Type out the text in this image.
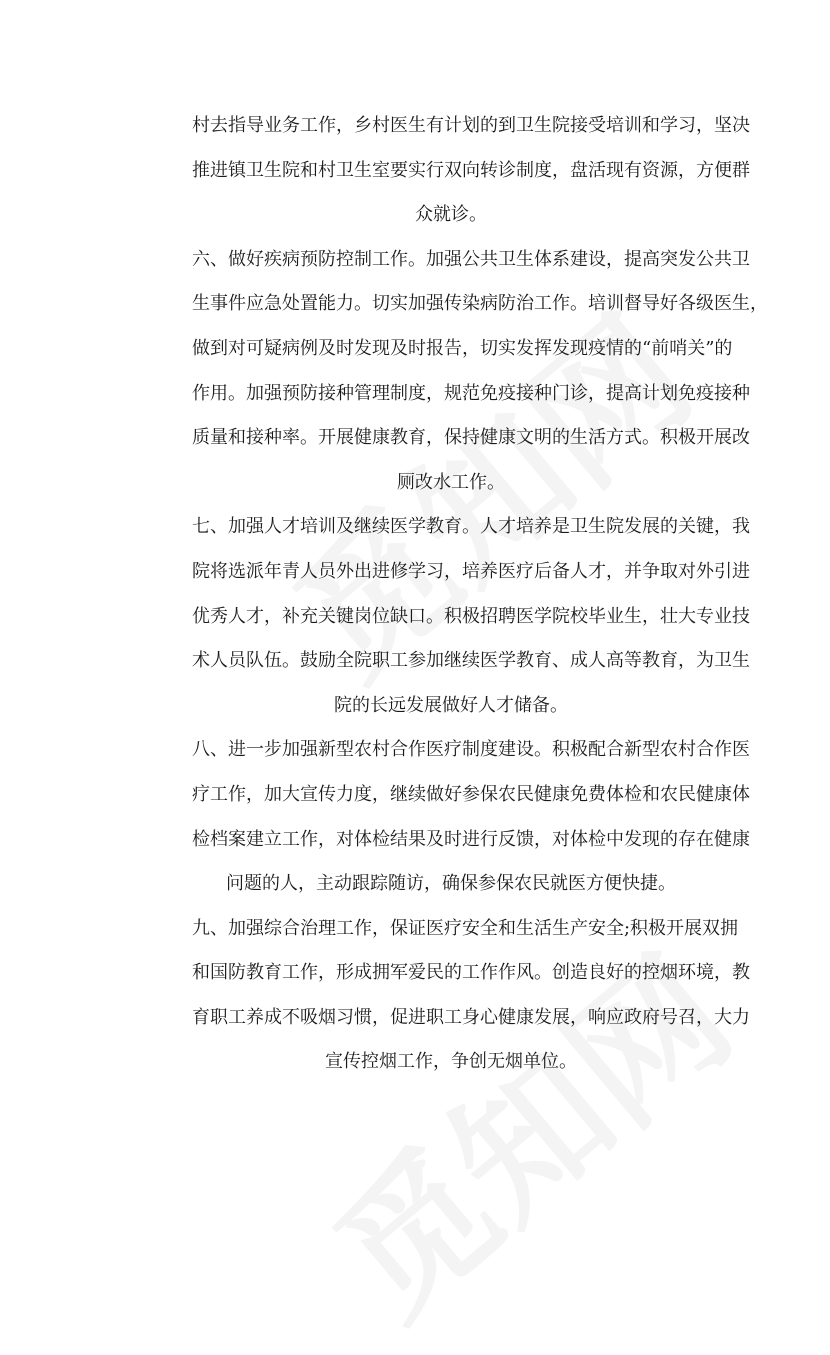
村去指导业务工作，乡村医生有计划的到卫生院接受培训和学习，坚决
推进镇卫生院和村卫生室要实行双向转诊制度，盘活现有资源，方便群
众就诊。
六、做好疾病预防控制工作。加强公共卫生体系建设，提高突发公共卫
生事件应急处置能力。切实加强传染病防治工作。培训督导好各级医生，
做到对可疑病例及时发现及时报告，切实发挥发现疫情的“前哨关”的
作用。加强预防接种管理制度，规范免疫接种门诊，提高计划免疫接种
质量和接种率。开展健康教育，保持健康文明的生活方式。积极开展改
厕改水工作。
七、加强人才培训及继续医学教育。人才培养是卫生院发展的关键，我
院将选派年青人员外出进修学习，培养医疗后备人才，并争取对外引进
优秀人才，补充关键岗位缺口。积极招聘医学院校毕业生，壮大专业技
术人员队伍。鼓励全院职工参加继续医学教育、成人高等教育，为卫生
院的长远发展做好人才储备。
八、进一步加强新型农村合作医疗制度建设。积极配合新型农村合作医
疗工作，加大宣传力度，继续做好参保农民健康免费体检和农民健康体
检档案建立工作，对体检结果及时进行反馈，对体检中发现的存在健康
问题的人，主动跟踪随访，确保参保农民就医方便快捷。
九、加强综合治理工作，保证医疗安全和生活生产安全;积极开展双拥
和国防教育工作，形成拥军爱民的工作作风。创造良好的控烟环境，教
育职工养成不吸烟习惯，促进职工身心健康发展，响应政府号召，大力
宣传控烟工作，争创无烟单位。
